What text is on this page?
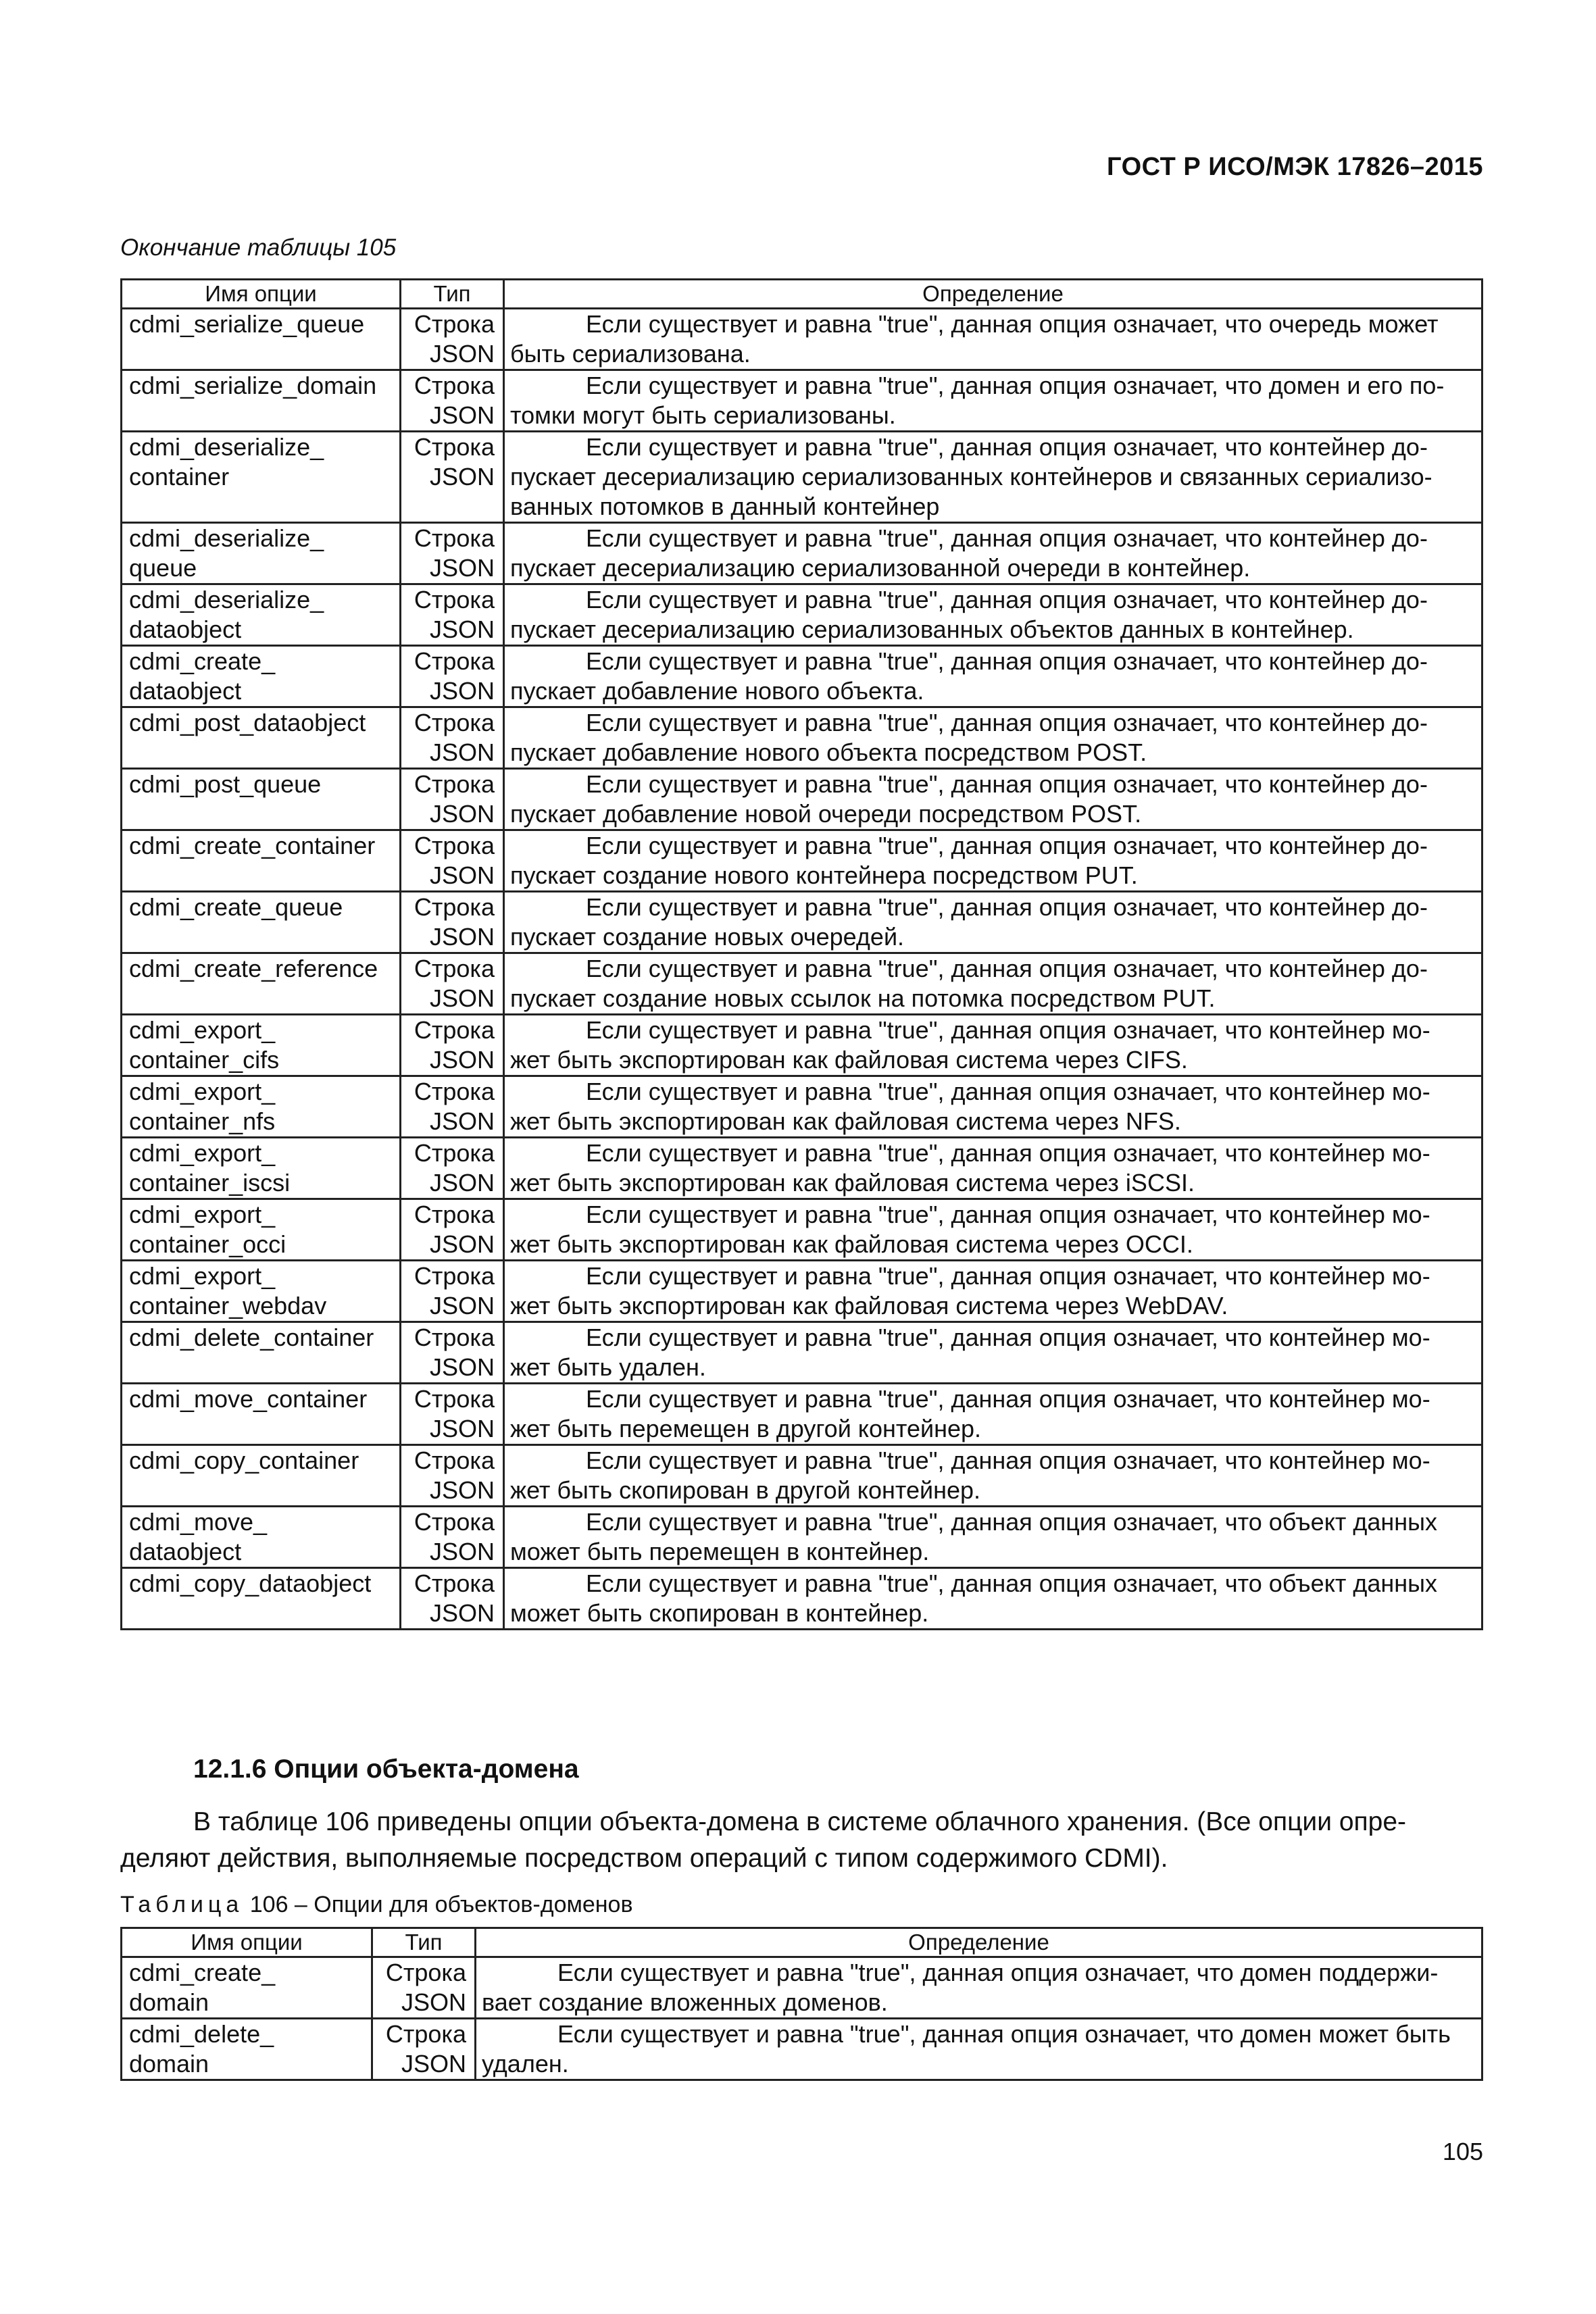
ГОСТ Р ИСО/МЭК 17826–2015
Окончание таблицы 105
Имя опции	Тип	Определение

cdmi_serialize_queue	Строка
JSON	Если существует и равна "true", данная опция означает, что очередь может
быть сериализована.

cdmi_serialize_domain	Строка
JSON	Если существует и равна "true", данная опция означает, что домен и его по-
томки могут быть сериализованы.

cdmi_deserialize_
container	Строка
JSON	Если существует и равна "true", данная опция означает, что контейнер до-
пускает десериализацию сериализованных контейнеров и связанных сериализо-
ванных потомков в данный контейнер

cdmi_deserialize_
queue	Строка
JSON	Если существует и равна "true", данная опция означает, что контейнер до-
пускает десериализацию сериализованной очереди в контейнер.

cdmi_deserialize_
dataobject	Строка
JSON	Если существует и равна "true", данная опция означает, что контейнер до-
пускает десериализацию сериализованных объектов данных в контейнер.

cdmi_create_
dataobject	Строка
JSON	Если существует и равна "true", данная опция означает, что контейнер до-
пускает добавление нового объекта.

cdmi_post_dataobject	Строка
JSON	Если существует и равна "true", данная опция означает, что контейнер до-
пускает добавление нового объекта посредством POST.

cdmi_post_queue	Строка
JSON	Если существует и равна "true", данная опция означает, что контейнер до-
пускает добавление новой очереди посредством POST.

cdmi_create_container	Строка
JSON	Если существует и равна "true", данная опция означает, что контейнер до-
пускает создание нового контейнера посредством PUT.

cdmi_create_queue	Строка
JSON	Если существует и равна "true", данная опция означает, что контейнер до-
пускает создание новых очередей.

cdmi_create_reference	Строка
JSON	Если существует и равна "true", данная опция означает, что контейнер до-
пускает создание новых ссылок на потомка посредством PUT.

cdmi_export_
container_cifs	Строка
JSON	Если существует и равна "true", данная опция означает, что контейнер мо-
жет быть экспортирован как файловая система через CIFS.

cdmi_export_
container_nfs	Строка
JSON	Если существует и равна "true", данная опция означает, что контейнер мо-
жет быть экспортирован как файловая система через NFS.

cdmi_export_
container_iscsi	Строка
JSON	Если существует и равна "true", данная опция означает, что контейнер мо-
жет быть экспортирован как файловая система через iSCSI.

cdmi_export_
container_occi	Строка
JSON	Если существует и равна "true", данная опция означает, что контейнер мо-
жет быть экспортирован как файловая система через OCCI.

cdmi_export_
container_webdav	Строка
JSON	Если существует и равна "true", данная опция означает, что контейнер мо-
жет быть экспортирован как файловая система через WebDAV.

cdmi_delete_container	Строка
JSON	Если существует и равна "true", данная опция означает, что контейнер мо-
жет быть удален.

cdmi_move_container	Строка
JSON	Если существует и равна "true", данная опция означает, что контейнер мо-
жет быть перемещен в другой контейнер.

cdmi_copy_container	Строка
JSON	Если существует и равна "true", данная опция означает, что контейнер мо-
жет быть скопирован в другой контейнер.

cdmi_move_
dataobject	Строка
JSON	Если существует и равна "true", данная опция означает, что объект данных
может быть перемещен в контейнер.

cdmi_copy_dataobject	Строка
JSON	Если существует и равна "true", данная опция означает, что объект данных
может быть скопирован в контейнер.
12.1.6 Опции объекта-домена
В таблице 106 приведены опции объекта-домена в системе облачного хранения. (Все опции опре-
деляют действия, выполняемые посредством операций с типом содержимого CDMI).
Таблица 106 – Опции для объектов-доменов
Имя опции	Тип	Определение

cdmi_create_
domain	Строка
JSON	Если существует и равна "true", данная опция означает, что домен поддержи-
вает создание вложенных доменов.

cdmi_delete_
domain	Строка
JSON	Если существует и равна "true", данная опция означает, что домен может быть
удален.
105
